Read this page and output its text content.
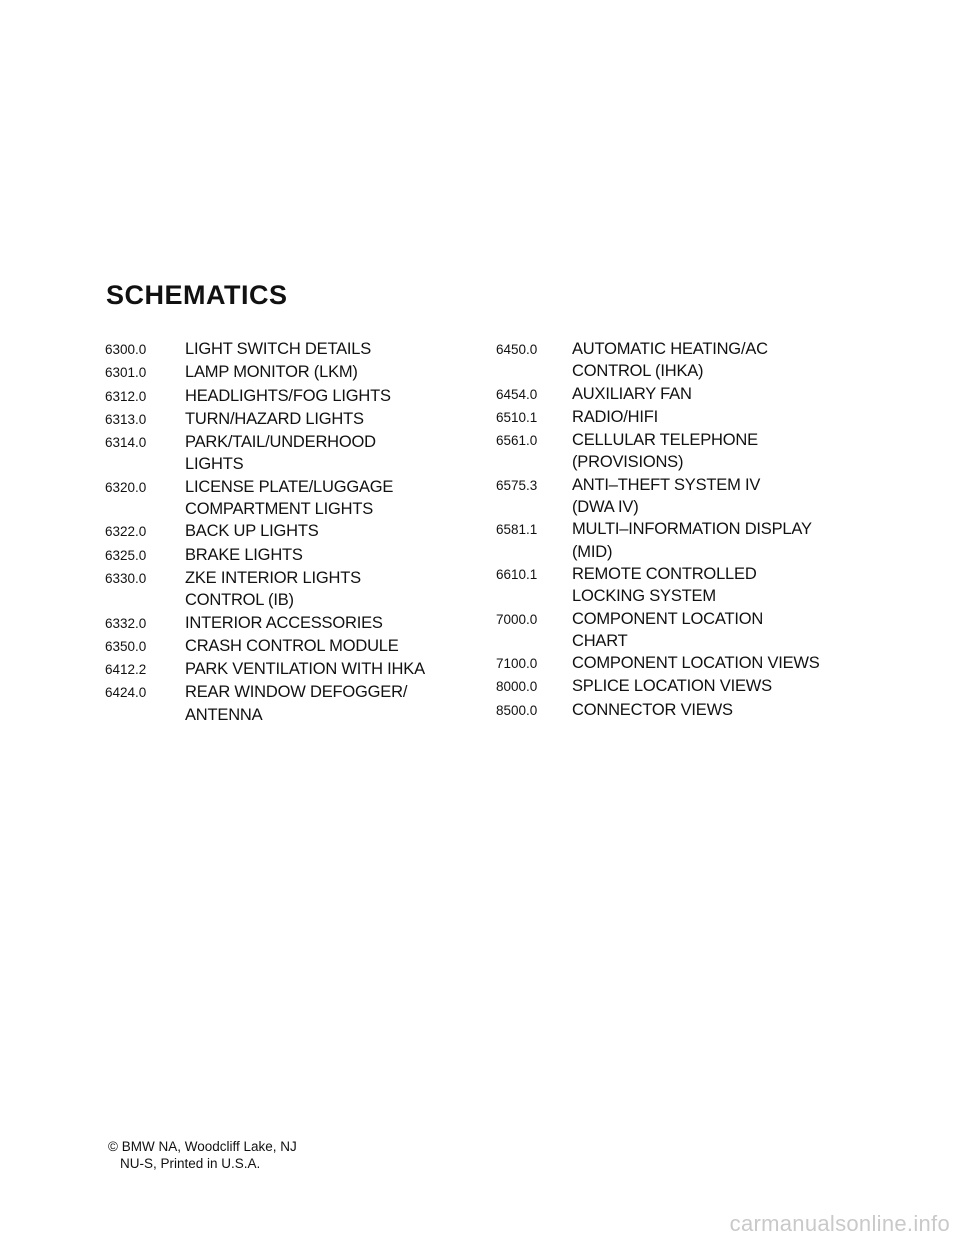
SCHEMATICS
6300.0	LIGHT SWITCH DETAILS
6301.0	LAMP MONITOR (LKM)
6312.0	HEADLIGHTS/FOG LIGHTS
6313.0	TURN/HAZARD LIGHTS
6314.0	PARK/TAIL/UNDERHOOD
LIGHTS
6320.0	LICENSE PLATE/LUGGAGE
COMPARTMENT LIGHTS
6322.0	BACK UP LIGHTS
6325.0	BRAKE LIGHTS
6330.0	ZKE INTERIOR LIGHTS
CONTROL (IB)
6332.0	INTERIOR ACCESSORIES
6350.0	CRASH CONTROL MODULE
6412.2	PARK VENTILATION WITH IHKA
6424.0	REAR WINDOW DEFOGGER/
ANTENNA
6450.0	AUTOMATIC HEATING/AC
CONTROL (IHKA)
6454.0	AUXILIARY FAN
6510.1	RADIO/HIFI
6561.0	CELLULAR TELEPHONE
(PROVISIONS)
6575.3	ANTI–THEFT SYSTEM IV
(DWA IV)
6581.1	MULTI–INFORMATION DISPLAY
(MID)
6610.1	REMOTE CONTROLLED
LOCKING SYSTEM
7000.0	COMPONENT LOCATION
CHART
7100.0	COMPONENT LOCATION VIEWS
8000.0	SPLICE LOCATION VIEWS
8500.0	CONNECTOR VIEWS
© BMW NA, Woodcliff Lake, NJ
NU-S, Printed in U.S.A.
carmanualsonline.info
